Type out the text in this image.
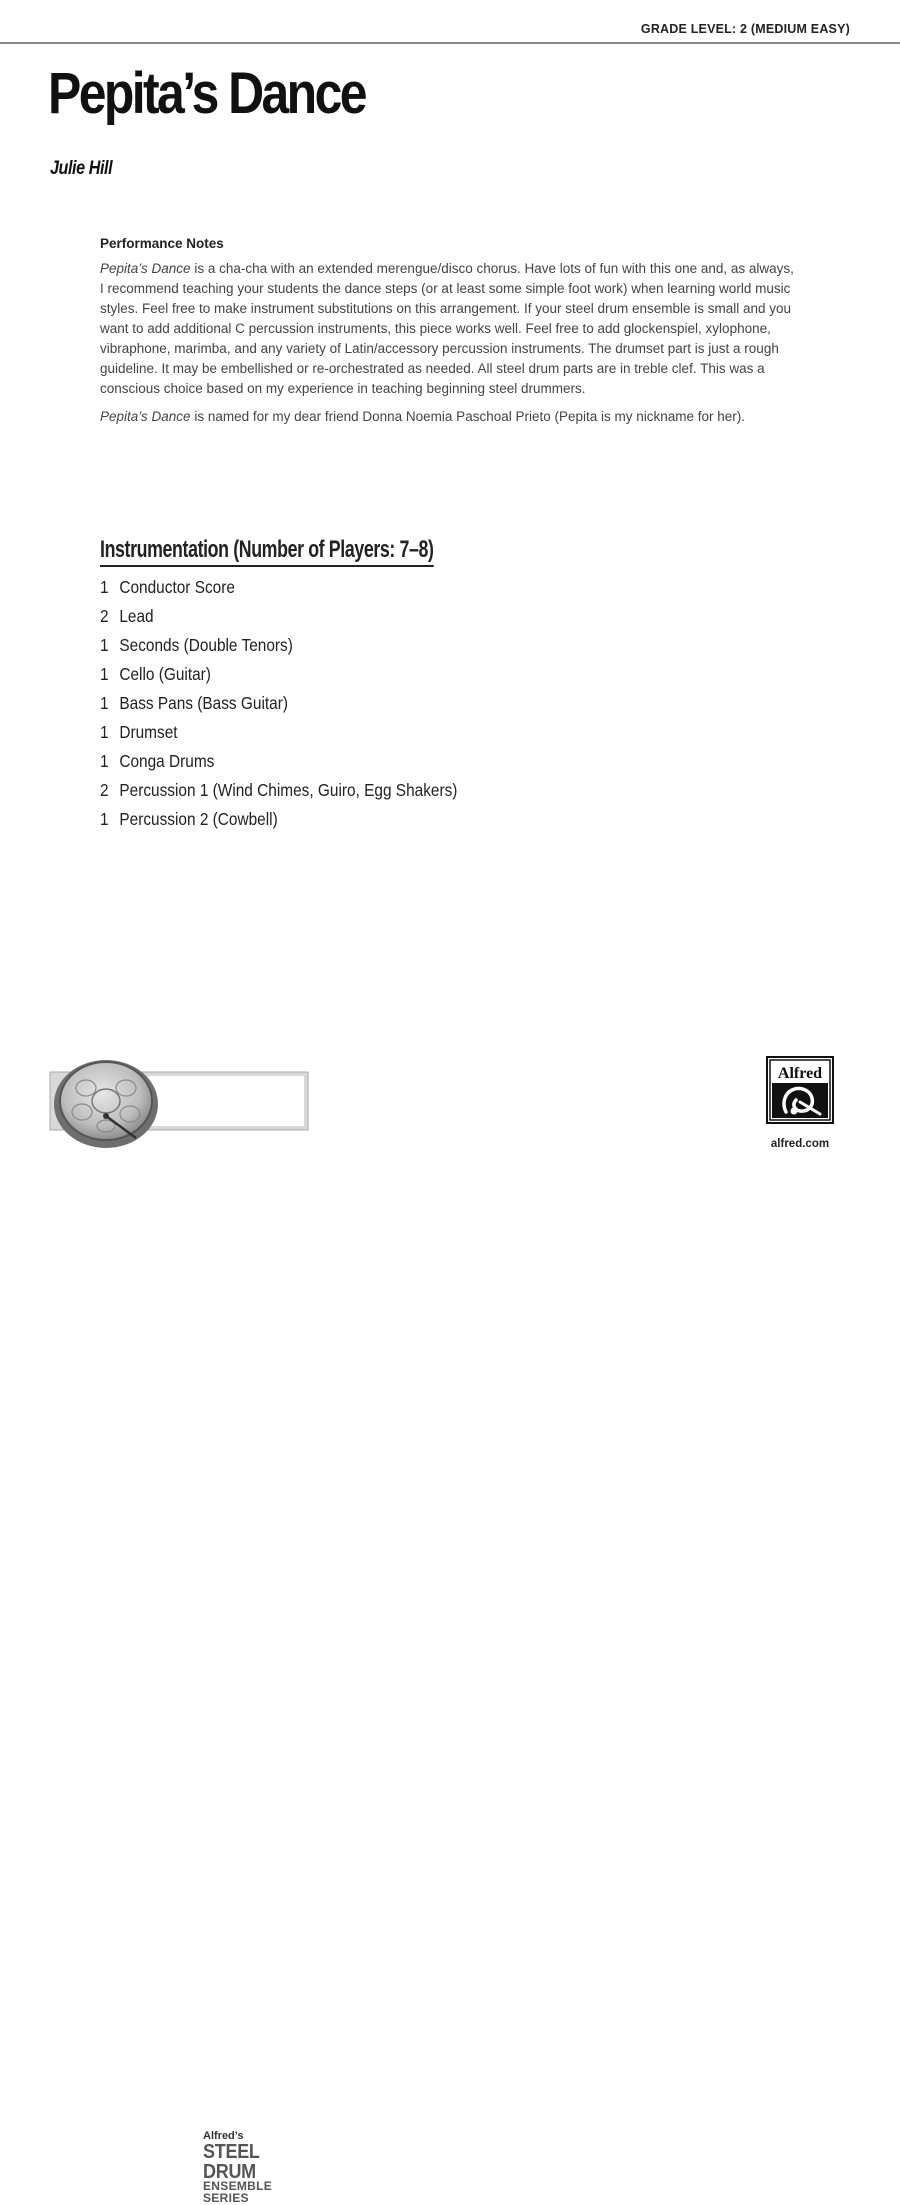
GRADE LEVEL: 2 (MEDIUM EASY)
Pepita’s Dance
Julie Hill
Performance Notes

Pepita’s Dance is a cha-cha with an extended merengue/disco chorus. Have lots of fun with this one and, as always, I recommend teaching your students the dance steps (or at least some simple foot work) when learning world music styles. Feel free to make instrument substitutions on this arrangement. If your steel drum ensemble is small and you want to add additional C percussion instruments, this piece works well. Feel free to add glockenspiel, xylophone, vibraphone, marimba, and any variety of Latin/accessory percussion instruments. The drumset part is just a rough guideline. It may be embellished or re-orchestrated as needed. All steel drum parts are in treble clef. This was a conscious choice based on my experience in teaching beginning steel drummers.

Pepita’s Dance is named for my dear friend Donna Noemia Paschoal Prieto (Pepita is my nickname for her).

Instrumentation (Number of Players: 7–8)
1 Conductor Score
2 Lead
1 Seconds (Double Tenors)
1 Cello (Guitar)
1 Bass Pans (Bass Guitar)
1 Drumset
1 Conga Drums
2 Percussion 1 (Wind Chimes, Guiro, Egg Shakers)
1 Percussion 2 (Cowbell)
Alfred’s
STEEL DRUM
ENSEMBLE SERIES
Alfred
alfred.com
